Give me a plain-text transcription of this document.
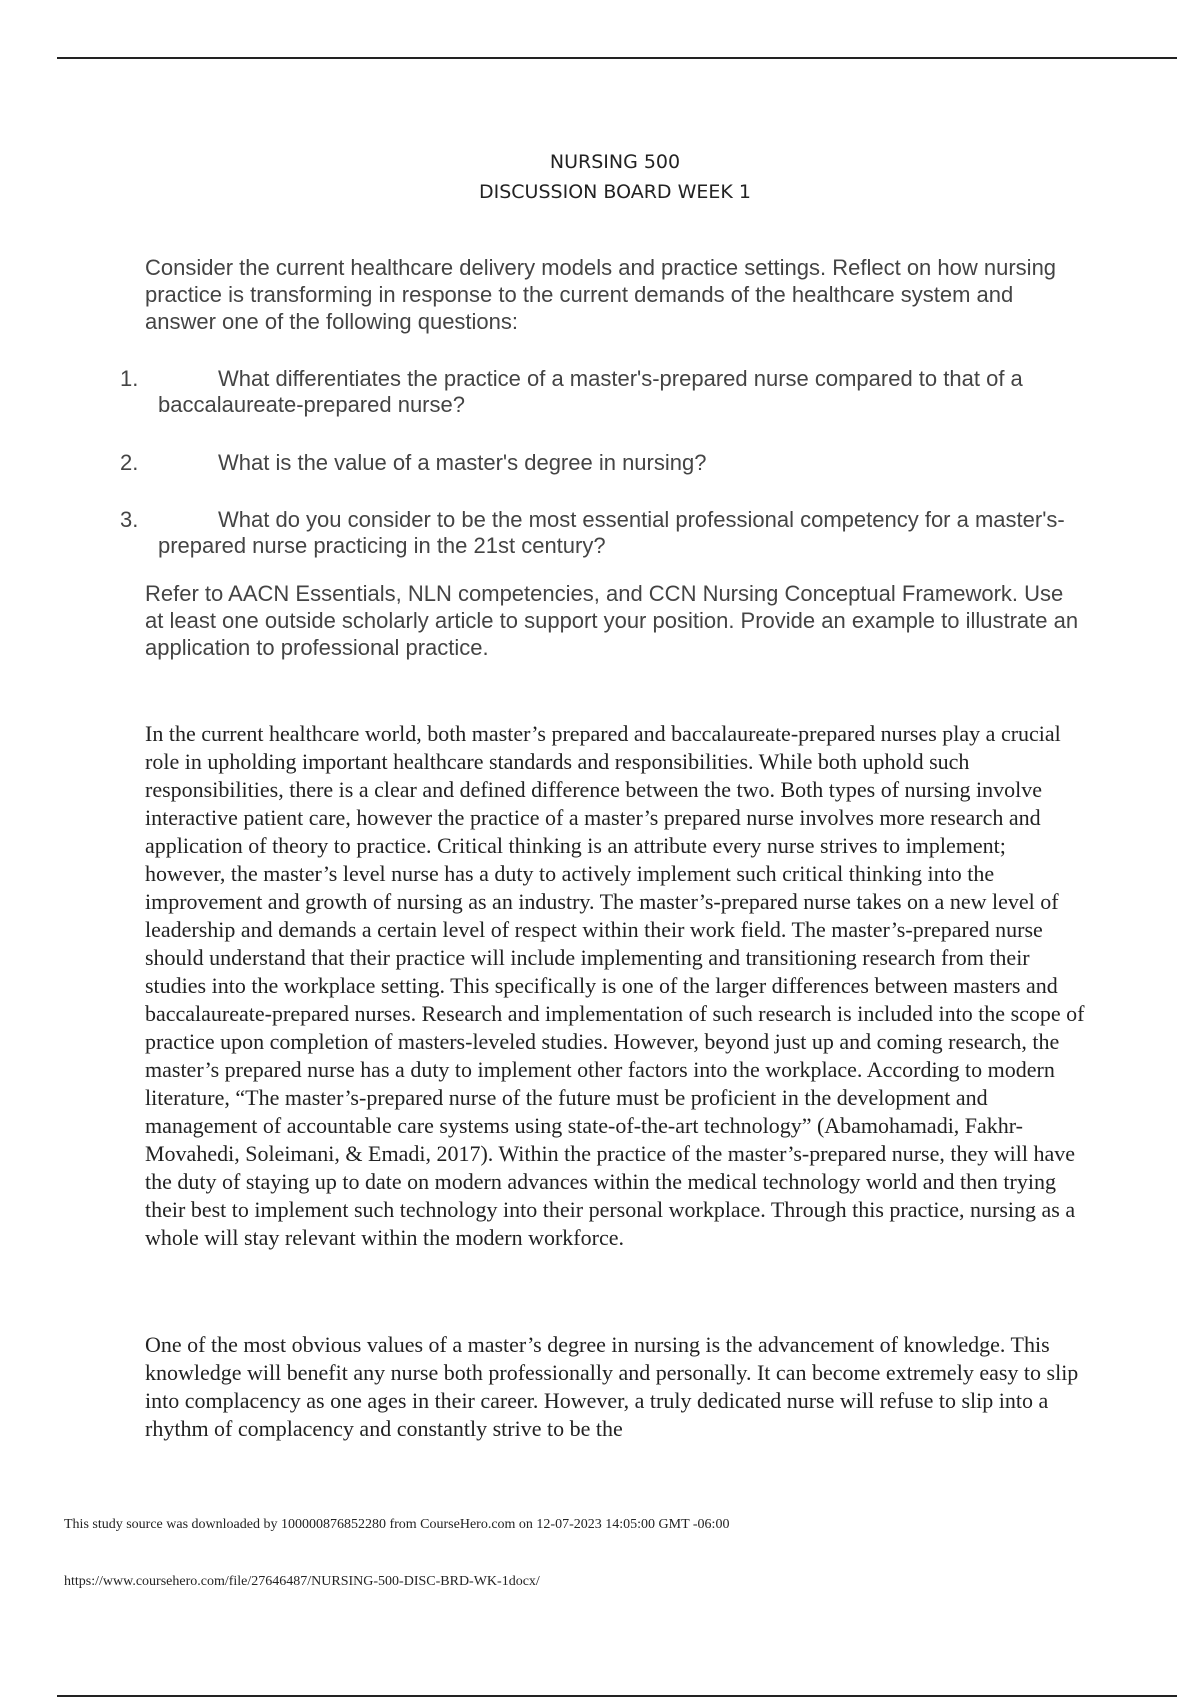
NURSING 500
DISCUSSION BOARD WEEK 1

Consider the current healthcare delivery models and practice settings. Reflect on how nursing practice is transforming in response to the current demands of the healthcare system and answer one of the following questions:

1.	What differentiates the practice of a master's-prepared nurse compared to that of a baccalaureate-prepared nurse?
2.	What is the value of a master's degree in nursing?
3.	What do you consider to be the most essential professional competency for a master's-prepared nurse practicing in the 21st century?

Refer to AACN Essentials, NLN competencies, and CCN Nursing Conceptual Framework. Use at least one outside scholarly article to support your position. Provide an example to illustrate an application to professional practice.

In the current healthcare world, both master’s prepared and baccalaureate-prepared nurses play a crucial role in upholding important healthcare standards and responsibilities. While both uphold such responsibilities, there is a clear and defined difference between the two. Both types of nursing involve interactive patient care, however the practice of a master’s prepared nurse involves more research and application of theory to practice. Critical thinking is an attribute every nurse strives to implement; however, the master’s level nurse has a duty to actively implement such critical thinking into the improvement and growth of nursing as an industry. The master’s-prepared nurse takes on a new level of leadership and demands a certain level of respect within their work field. The master’s-prepared nurse should understand that their practice will include implementing and transitioning research from their studies into the workplace setting. This specifically is one of the larger differences between masters and baccalaureate-prepared nurses. Research and implementation of such research is included into the scope of practice upon completion of masters-leveled studies. However, beyond just up and coming research, the master’s prepared nurse has a duty to implement other factors into the workplace. According to modern literature, “The master’s-prepared nurse of the future must be proficient in the development and management of accountable care systems using state-of-the-art technology” (Abamohamadi, Fakhr-Movahedi, Soleimani, & Emadi, 2017). Within the practice of the master’s-prepared nurse, they will have the duty of staying up to date on modern advances within the medical technology world and then trying their best to implement such technology into their personal workplace. Through this practice, nursing as a whole will stay relevant within the modern workforce.

One of the most obvious values of a master’s degree in nursing is the advancement of knowledge. This knowledge will benefit any nurse both professionally and personally. It can become extremely easy to slip into complacency as one ages in their career. However, a truly dedicated nurse will refuse to slip into a rhythm of complacency and constantly strive to be the

This study source was downloaded by 100000876852280 from CourseHero.com on 12-07-2023 14:05:00 GMT -06:00

https://www.coursehero.com/file/27646487/NURSING-500-DISC-BRD-WK-1docx/
